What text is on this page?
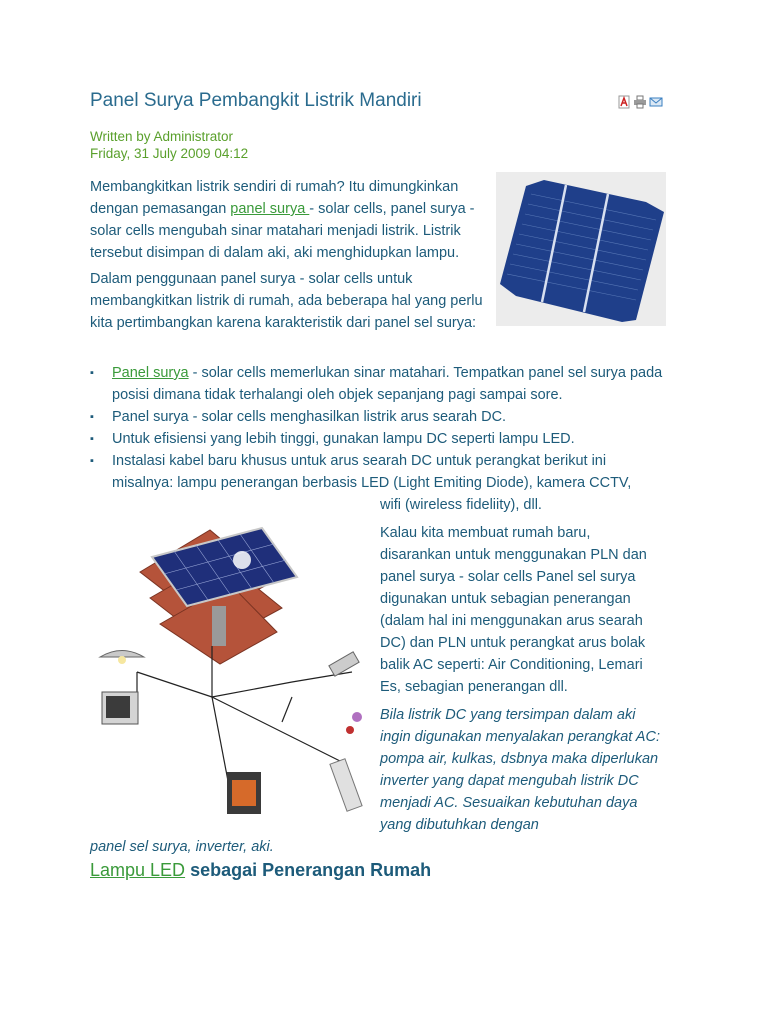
Panel Surya Pembangkit Listrik Mandiri
Written by Administrator
Friday, 31 July 2009 04:12
Membangkitkan listrik sendiri di rumah? Itu dimungkinkan dengan pemasangan panel surya - solar cells, panel surya - solar cells mengubah sinar matahari menjadi listrik. Listrik tersebut disimpan di dalam aki, aki menghidupkan lampu.
Dalam penggunaan panel surya - solar cells untuk membangkitkan listrik di rumah, ada beberapa hal yang perlu kita pertimbangkan karena karakteristik dari panel sel surya:
▪ Panel surya - solar cells memerlukan sinar matahari. Tempatkan panel sel surya pada posisi dimana tidak terhalangi oleh objek sepanjang pagi sampai sore.
▪ Panel surya - solar cells menghasilkan listrik arus searah DC.
▪ Untuk efisiensi yang lebih tinggi, gunakan lampu DC seperti lampu LED.
▪ Instalasi kabel baru khusus untuk arus searah DC untuk perangkat berikut ini misalnya: lampu penerangan berbasis LED (Light Emiting Diode), kamera CCTV,
wifi (wireless fideliity), dll.
Kalau kita membuat rumah baru, disarankan untuk menggunakan PLN dan panel surya - solar cells Panel sel surya digunakan untuk sebagian penerangan (dalam hal ini menggunakan arus searah DC) dan PLN untuk perangkat arus bolak balik AC seperti: Air Conditioning, Lemari Es, sebagian penerangan dll.
Bila listrik DC yang tersimpan dalam aki ingin digunakan menyalakan perangkat AC: pompa air, kulkas, dsbnya maka diperlukan inverter yang dapat mengubah listrik DC menjadi AC. Sesuaikan kebutuhan daya yang dibutuhkan dengan
panel sel surya, inverter, aki.
Lampu LED sebagai Penerangan Rumah
